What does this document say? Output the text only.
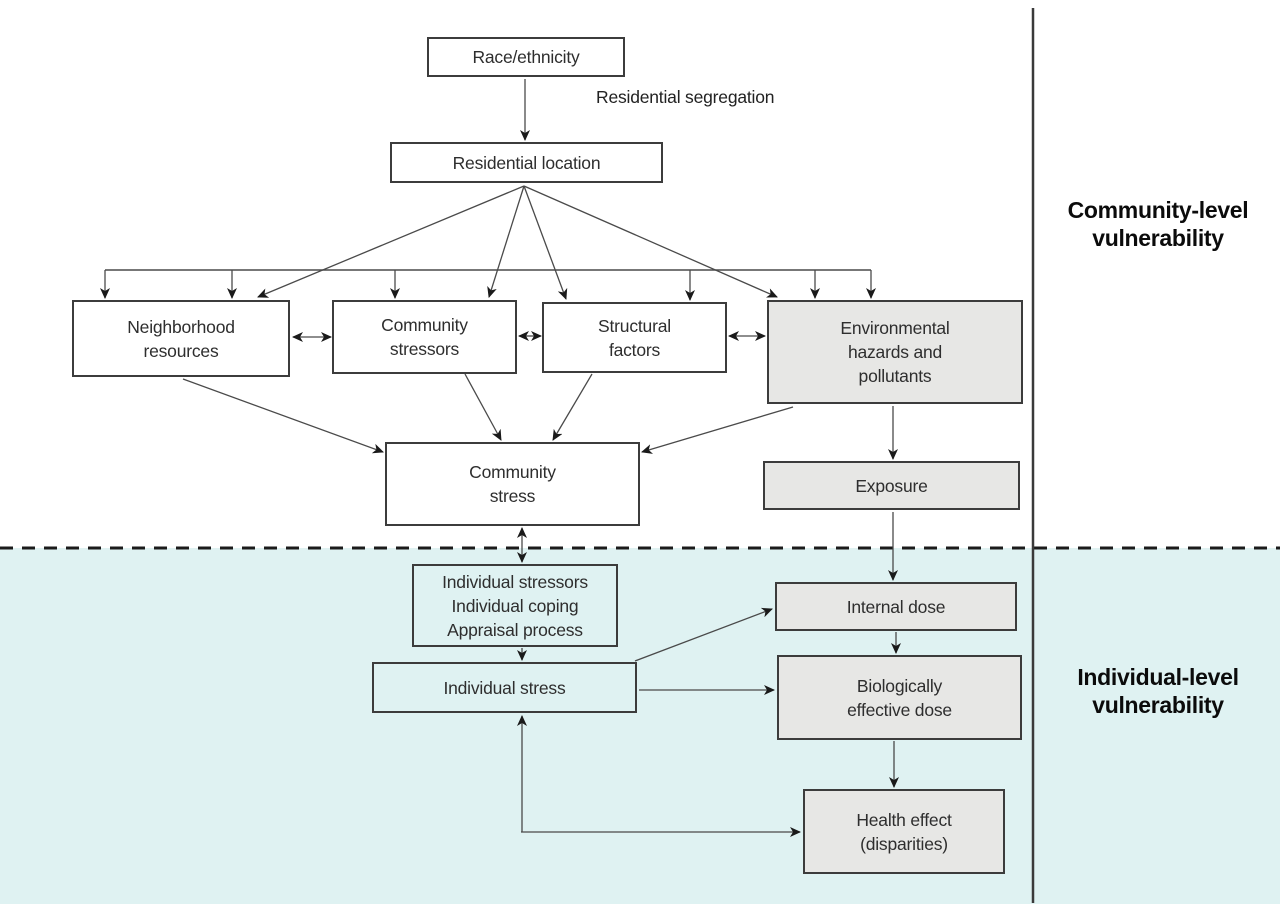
Race/ethnicity
Residential segregation
Residential location
Neighborhood
resources
Community
stressors
Structural
factors
Environmental
hazards and
pollutants
Community
stress
Exposure
Individual stressors
Individual coping
Appraisal process
Individual stress
Internal dose
Biologically
effective dose
Health effect
(disparities)
Community-level
vulnerability
Individual-level
vulnerability
